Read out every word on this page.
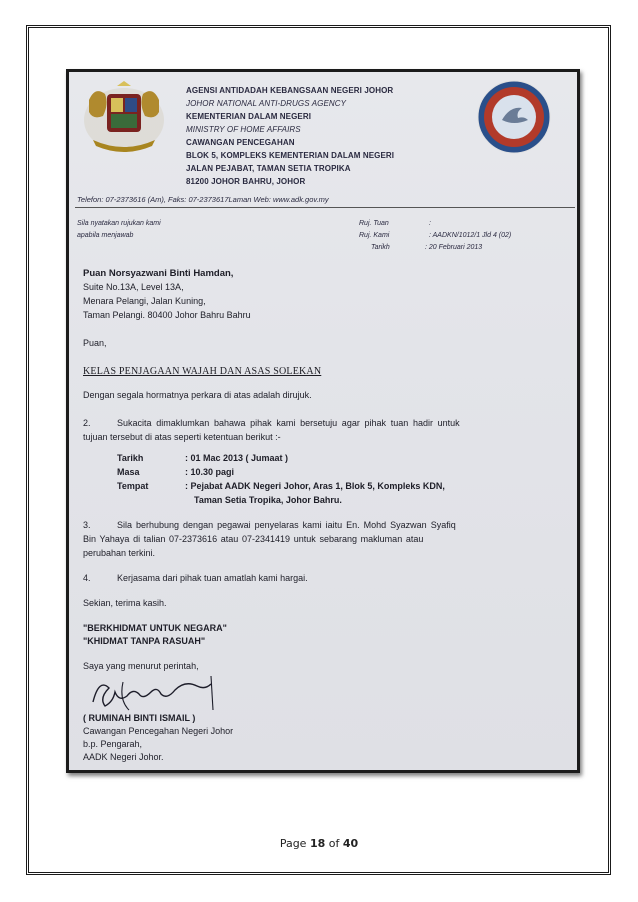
AGENSI ANTIDADAH KEBANGSAAN NEGERI JOHOR
JOHOR NATIONAL ANTI-DRUGS AGENCY
KEMENTERIAN DALAM NEGERI
MINISTRY OF HOME AFFAIRS
CAWANGAN PENCEGAHAN
BLOK 5, KOMPLEKS KEMENTERIAN DALAM NEGERI
JALAN PEJABAT, TAMAN SETIA TROPIKA
81200 JOHOR BAHRU, JOHOR
Telefon: 07-2373616 (Am), Faks: 07-2373617Laman Web: www.adk.gov.my
Sila nyatakan rujukan kami
apabila menjawab
Ruj. Tuan	:
Ruj. Kami	: AADKN/1012/1 Jld 4 (02)
Tarikh	: 20 Februari 2013
Puan Norsyazwani Binti Hamdan,
Suite No.13A, Level 13A,
Menara Pelangi, Jalan Kuning,
Taman Pelangi. 80400 Johor Bahru Bahru
Puan,
KELAS PENJAGAAN WAJAH DAN ASAS SOLEKAN
Dengan segala hormatnya perkara di atas adalah dirujuk.
2.	Sukacita dimaklumkan bahawa pihak kami bersetuju agar pihak tuan hadir untuk
tujuan tersebut di atas seperti ketentuan berikut :-
Tarikh	: 01 Mac 2013 ( Jumaat )
Masa	: 10.30 pagi
Tempat	: Pejabat AADK Negeri Johor, Aras 1, Blok 5, Kompleks KDN,
Taman Setia Tropika, Johor Bahru.
3.	Sila berhubung dengan pegawai penyelaras kami iaitu En. Mohd Syazwan Syafiq
Bin Yahaya di talian 07-2373616 atau 07-2341419 untuk sebarang makluman atau
perubahan terkini.
4.	Kerjasama dari pihak tuan amatlah kami hargai.
Sekian, terima kasih.
"BERKHIDMAT UNTUK NEGARA"
"KHIDMAT TANPA RASUAH"
Saya yang menurut perintah,
( RUMINAH BINTI ISMAIL )
Cawangan Pencegahan Negeri Johor
b.p. Pengarah,
AADK Negeri Johor.
Page 18 of 40
